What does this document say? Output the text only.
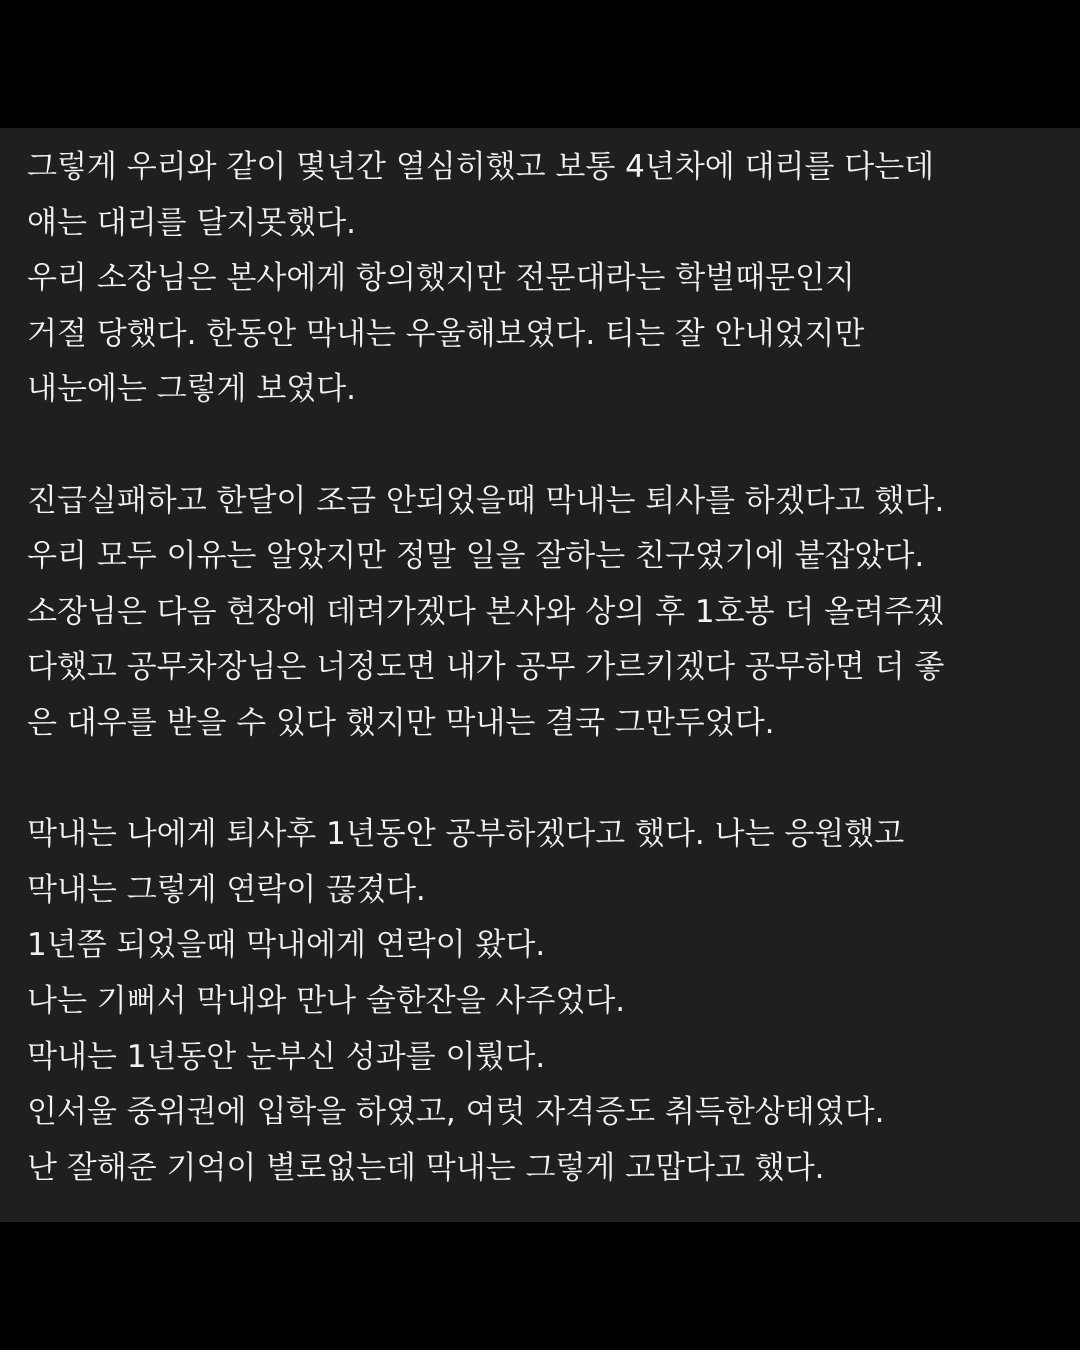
그렇게 우리와 같이 몇년간 열심히했고 보통 4년차에 대리를 다는데
얘는 대리를 달지못했다.
우리 소장님은 본사에게 항의했지만 전문대라는 학벌때문인지
거절 당했다. 한동안 막내는 우울해보였다. 티는 잘 안내었지만
내눈에는 그렇게 보였다.
진급실패하고 한달이 조금 안되었을때 막내는 퇴사를 하겠다고 했다.
우리 모두 이유는 알았지만 정말 일을 잘하는 친구였기에 붙잡았다.
소장님은 다음 현장에 데려가겠다 본사와 상의 후 1호봉 더 올려주겠
다했고 공무차장님은 너정도면 내가 공무 가르키겠다 공무하면 더 좋
은 대우를 받을 수 있다 했지만 막내는 결국 그만두었다.
막내는 나에게 퇴사후 1년동안 공부하겠다고 했다. 나는 응원했고
막내는 그렇게 연락이 끊겼다.
1년쯤 되었을때 막내에게 연락이 왔다.
나는 기뻐서 막내와 만나 술한잔을 사주었다.
막내는 1년동안 눈부신 성과를 이뤘다.
인서울 중위권에 입학을 하였고, 여럿 자격증도 취득한상태였다.
난 잘해준 기억이 별로없는데 막내는 그렇게 고맙다고 했다.
